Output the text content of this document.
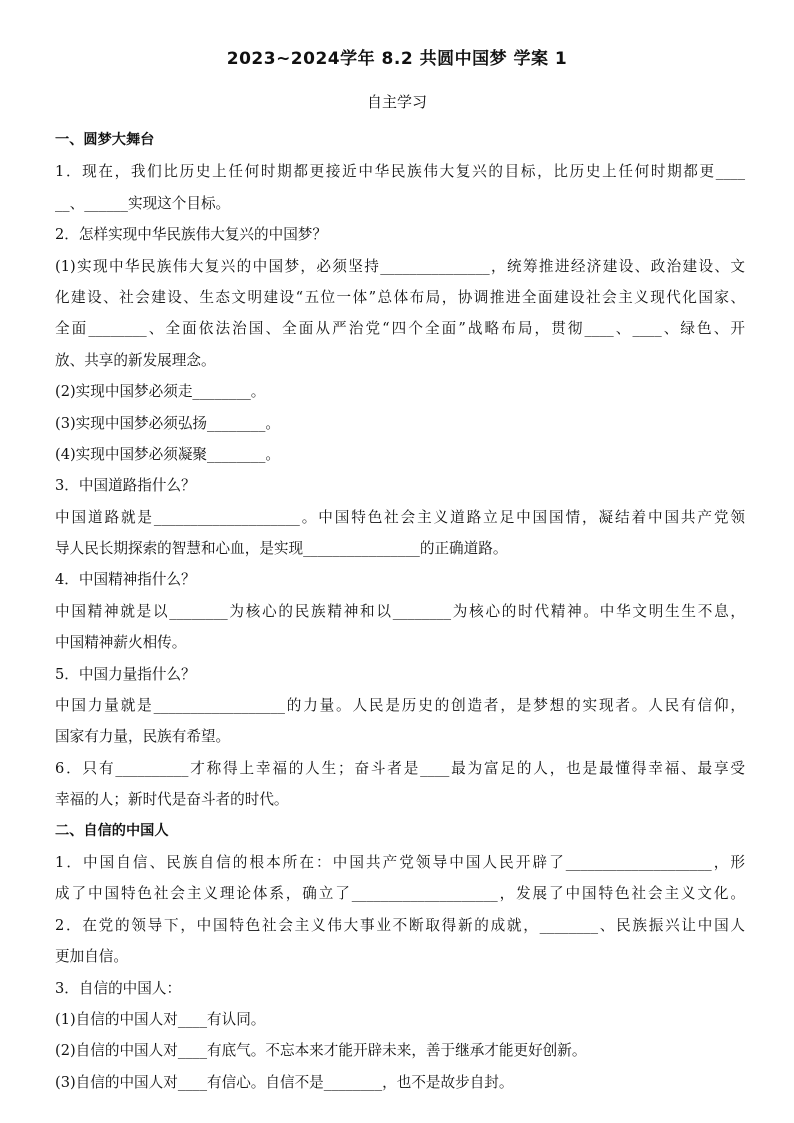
2023~2024学年 8.2 共圆中国梦 学案 1
自主学习
一、圆梦大舞台
1．现在，我们比历史上任何时期都更接近中华民族伟大复兴的目标，比历史上任何时期都更____
__、______实现这个目标。
2．怎样实现中华民族伟大复兴的中国梦？
(1)实现中华民族伟大复兴的中国梦，必须坚持_______________，统筹推进经济建设、政治建设、文
化建设、社会建设、生态文明建设“五位一体”总体布局，协调推进全面建设社会主义现代化国家、
全面________、全面依法治国、全面从严治党“四个全面”战略布局，贯彻____、____、绿色、开
放、共享的新发展理念。
(2)实现中国梦必须走________。
(3)实现中国梦必须弘扬________。
(4)实现中国梦必须凝聚________。
3．中国道路指什么？
中国道路就是____________________。中国特色社会主义道路立足中国国情，凝结着中国共产党领
导人民长期探索的智慧和心血，是实现________________的正确道路。
4．中国精神指什么？
中国精神就是以________为核心的民族精神和以________为核心的时代精神。中华文明生生不息，
中国精神薪火相传。
5．中国力量指什么？
中国力量就是__________________的力量。人民是历史的创造者，是梦想的实现者。人民有信仰，
国家有力量，民族有希望。
6．只有__________才称得上幸福的人生；奋斗者是____最为富足的人，也是最懂得幸福、最享受
幸福的人；新时代是奋斗者的时代。
二、自信的中国人
1．中国自信、民族自信的根本所在：中国共产党领导中国人民开辟了____________________，形
成了中国特色社会主义理论体系，确立了____________________，发展了中国特色社会主义文化。
2．在党的领导下，中国特色社会主义伟大事业不断取得新的成就，________、民族振兴让中国人
更加自信。
3．自信的中国人：
(1)自信的中国人对____有认同。
(2)自信的中国人对____有底气。不忘本来才能开辟未来，善于继承才能更好创新。
(3)自信的中国人对____有信心。自信不是________，也不是故步自封。
